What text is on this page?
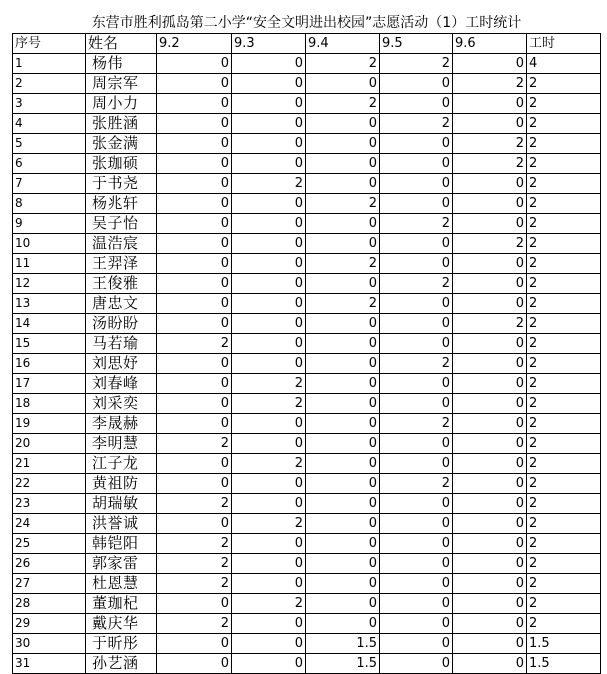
东营市胜利孤岛第二小学“安全文明进出校园”志愿活动（1）工时统计							
序号	姓名	9.2	9.3	9.4	9.5	9.6	工时
1	杨伟	0	0	2	2	0	4
2	周宗军	0	0	0	0	2	2
3	周小力	0	0	2	0	0	2
4	张胜涵	0	0	0	2	0	2
5	张金满	0	0	0	0	2	2
6	张珈硕	0	0	0	0	2	2
7	于书尧	0	2	0	0	0	2
8	杨兆轩	0	0	2	0	0	2
9	吴子怡	0	0	0	2	0	2
10	温浩宸	0	0	0	0	2	2
11	王羿泽	0	0	2	0	0	2
12	王俊雅	0	0	0	2	0	2
13	唐忠文	0	0	2	0	0	2
14	汤盼盼	0	0	0	0	2	2
15	马若瑜	2	0	0	0	0	2
16	刘思妤	0	0	0	2	0	2
17	刘春峰	0	2	0	0	0	2
18	刘采奕	0	2	0	0	0	2
19	李晟赫	0	0	0	2	0	2
20	李明慧	2	0	0	0	0	2
21	江子龙	0	2	0	0	0	2
22	黄祖防	0	0	0	2	0	2
23	胡瑞敏	2	0	0	0	0	2
24	洪誉诚	0	2	0	0	0	2
25	韩铠阳	2	0	0	0	0	2
26	郭家雷	2	0	0	0	0	2
27	杜恩慧	2	0	0	0	0	2
28	董珈杞	0	2	0	0	0	2
29	戴庆华	2	0	0	0	0	2
30	于昕彤	0	0	1.5	0	0	1.5
31	孙艺涵	0	0	1.5	0	0	1.5
